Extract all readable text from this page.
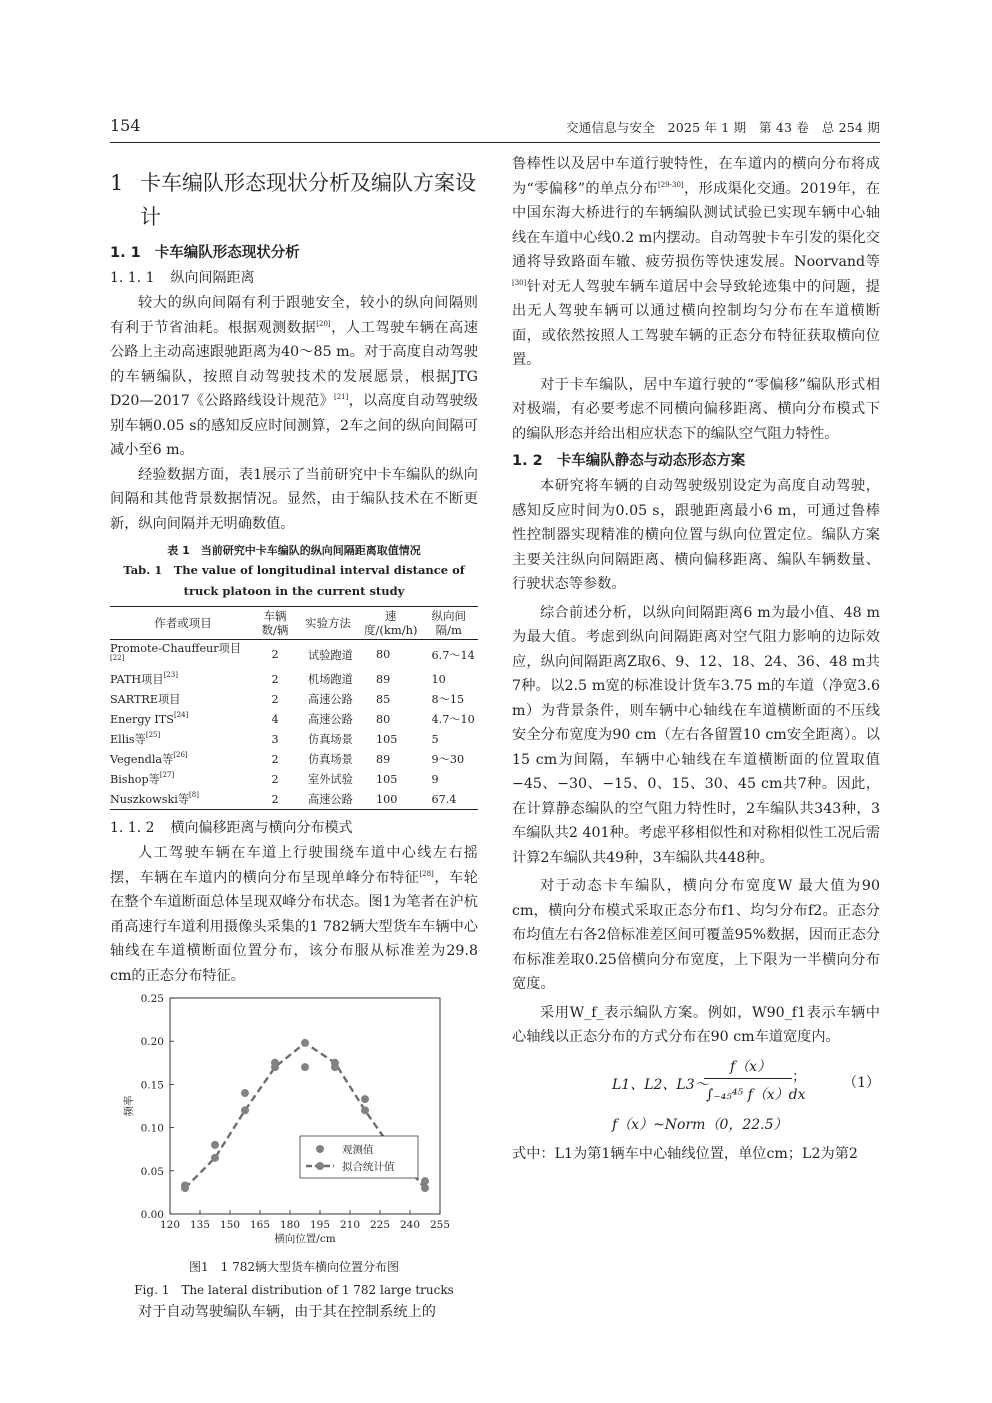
154	交通信息与安全　2025 年 1 期　第 43 卷　总 254 期
1 卡车编队形态现状分析及编队方案设计
1. 1 卡车编队形态现状分析
1. 1. 1 纵向间隔距离

较大的纵向间隔有利于跟驰安全，较小的纵向间隔则有利于节省油耗。根据观测数据[20]，人工驾驶车辆在高速公路上主动高速跟驰距离为40～85 m。对于高度自动驾驶的车辆编队，按照自动驾驶技术的发展愿景，根据JTG D20—2017《公路路线设计规范》[21]，以高度自动驾驶级别车辆0.05 s的感知反应时间测算，2车之间的纵向间隔可减小至6 m。

经验数据方面，表1展示了当前研究中卡车编队的纵向间隔和其他背景数据情况。显然，由于编队技术在不断更新，纵向间隔并无明确数值。

表 1　当前研究中卡车编队的纵向间隔距离取值情况
Tab. 1　The value of longitudinal interval distance of truck platoon in the current study
作者或项目	车辆数/辆	实验方法	速度/(km/h)	纵向间隔/m
Promote-Chauffeur项目[22]	2	试验跑道	80	6.7～14
PATH项目[23]	2	机场跑道	89	10
SARTRE项目	2	高速公路	85	8～15
Energy ITS[24]	4	高速公路	80	4.7～10
Ellis等[25]	3	仿真场景	105	5
Vegendla等[26]	2	仿真场景	89	9～30
Bishop等[27]	2	室外试验	105	9
Nuszkowski等[8]	2	高速公路	100	67.4
1. 1. 2 横向偏移距离与横向分布模式

人工驾驶车辆在车道上行驶围绕车道中心线左右摇摆，车辆在车道内的横向分布呈现单峰分布特征[28]，车轮在整个车道断面总体呈现双峰分布状态。图1为笔者在沪杭甬高速行车道利用摄像头采集的1 782辆大型货车车辆中心轴线在车道横断面位置分布，该分布服从标准差为29.8 cm的正态分布特征。

120 135 150 165 180 195 210 225 240 255
0.00
0.05
0.10
0.15
0.20
0.25
横向位置/cm
频率
观测值
拟合统计值
图1　1 782辆大型货车横向位置分布图
Fig. 1　The lateral distribution of 1 782 large trucks

对于自动驾驶编队车辆，由于其在控制系统上的

鲁棒性以及居中车道行驶特性，在车道内的横向分布将成为“零偏移”的单点分布[29-30]，形成渠化交通。2019年，在中国东海大桥进行的车辆编队测试试验已实现车辆中心轴线在车道中心线0.2 m内摆动。自动驾驶卡车引发的渠化交通将导致路面车辙、疲劳损伤等快速发展。Noorvand等[30]针对无人驾驶车辆车道居中会导致轮迹集中的问题，提出无人驾驶车辆可以通过横向控制均匀分布在车道横断面，或依然按照人工驾驶车辆的正态分布特征获取横向位置。

对于卡车编队，居中车道行驶的“零偏移”编队形式相对极端，有必要考虑不同横向偏移距离、横向分布模式下的编队形态并给出相应状态下的编队空气阻力特性。

1. 2 卡车编队静态与动态形态方案

本研究将车辆的自动驾驶级别设定为高度自动驾驶，感知反应时间为0.05 s，跟驰距离最小6 m，可通过鲁棒性控制器实现精准的横向位置与纵向位置定位。编队方案主要关注纵向间隔距离、横向偏移距离、编队车辆数量、行驶状态等参数。

综合前述分析，以纵向间隔距离6 m为最小值、48 m为最大值。考虑到纵向间隔距离对空气阻力影响的边际效应，纵向间隔距离Z取6、9、12、18、24、36、48 m共7种。以2.5 m宽的标准设计货车3.75 m的车道（净宽3.6 m）为背景条件，则车辆中心轴线在车道横断面的不压线安全分布宽度为90 cm（左右各留置10 cm安全距离）。以15 cm为间隔，车辆中心轴线在车道横断面的位置取值−45、−30、−15、0、15、30、45 cm共7种。因此，在计算静态编队的空气阻力特性时，2车编队共343种，3车编队共2 401种。考虑平移相似性和对称相似性工况后需计算2车编队共49种，3车编队共448种。

对于动态卡车编队，横向分布宽度W 最大值为90 cm，横向分布模式采取正态分布f1、均匀分布f2。正态分布均值左右各2倍标准差区间可覆盖95%数据，因而正态分布标准差取0.25倍横向分布宽度，上下限为一半横向分布宽度。

采用W_f_表示编队方案。例如，W90_f1表示车辆中心轴线以正态分布的方式分布在90 cm车道宽度内。

L1、L2、L3～
f（x）
∫₋₄₅⁴⁵ f（x）dx
；	（1）
f（x）~Norm（0，22.5）

式中：L1为第1辆车中心轴线位置，单位cm；L2为第2
